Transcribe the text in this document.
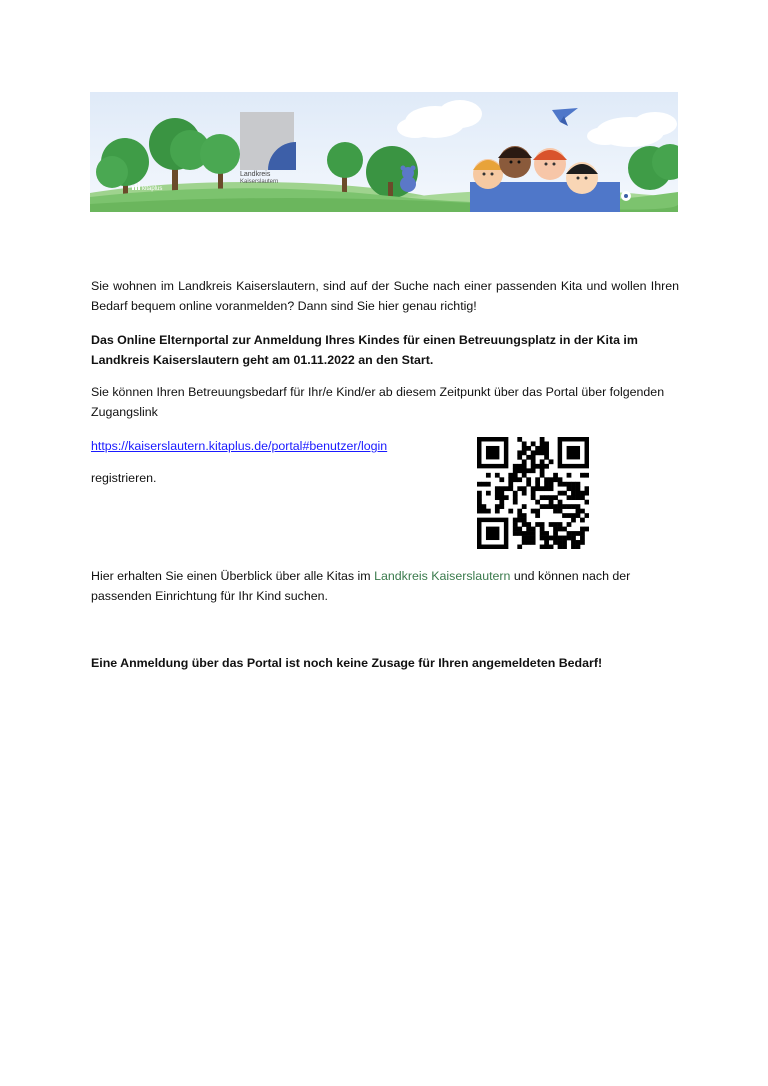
Landkreis
Kaiserslautern
kitaplus

Sie wohnen im Landkreis Kaiserslautern, sind auf der Suche nach einer passenden Kita und wollen Ihren Bedarf bequem online voranmelden? Dann sind Sie hier genau richtig!

Das Online Elternportal zur Anmeldung Ihres Kindes für einen Betreuungsplatz in der Kita im Landkreis Kaiserslautern geht am 01.11.2022 an den Start.

Sie können Ihren Betreuungsbedarf für Ihr/e Kind/er ab diesem Zeitpunkt über das Portal über folgenden Zugangslink

https://kaiserslautern.kitaplus.de/portal#benutzer/login

registrieren.

Hier erhalten Sie einen Überblick über alle Kitas im Landkreis Kaiserslautern und können nach der passenden Einrichtung für Ihr Kind suchen.

Eine Anmeldung über das Portal ist noch keine Zusage für Ihren angemeldeten Bedarf!
